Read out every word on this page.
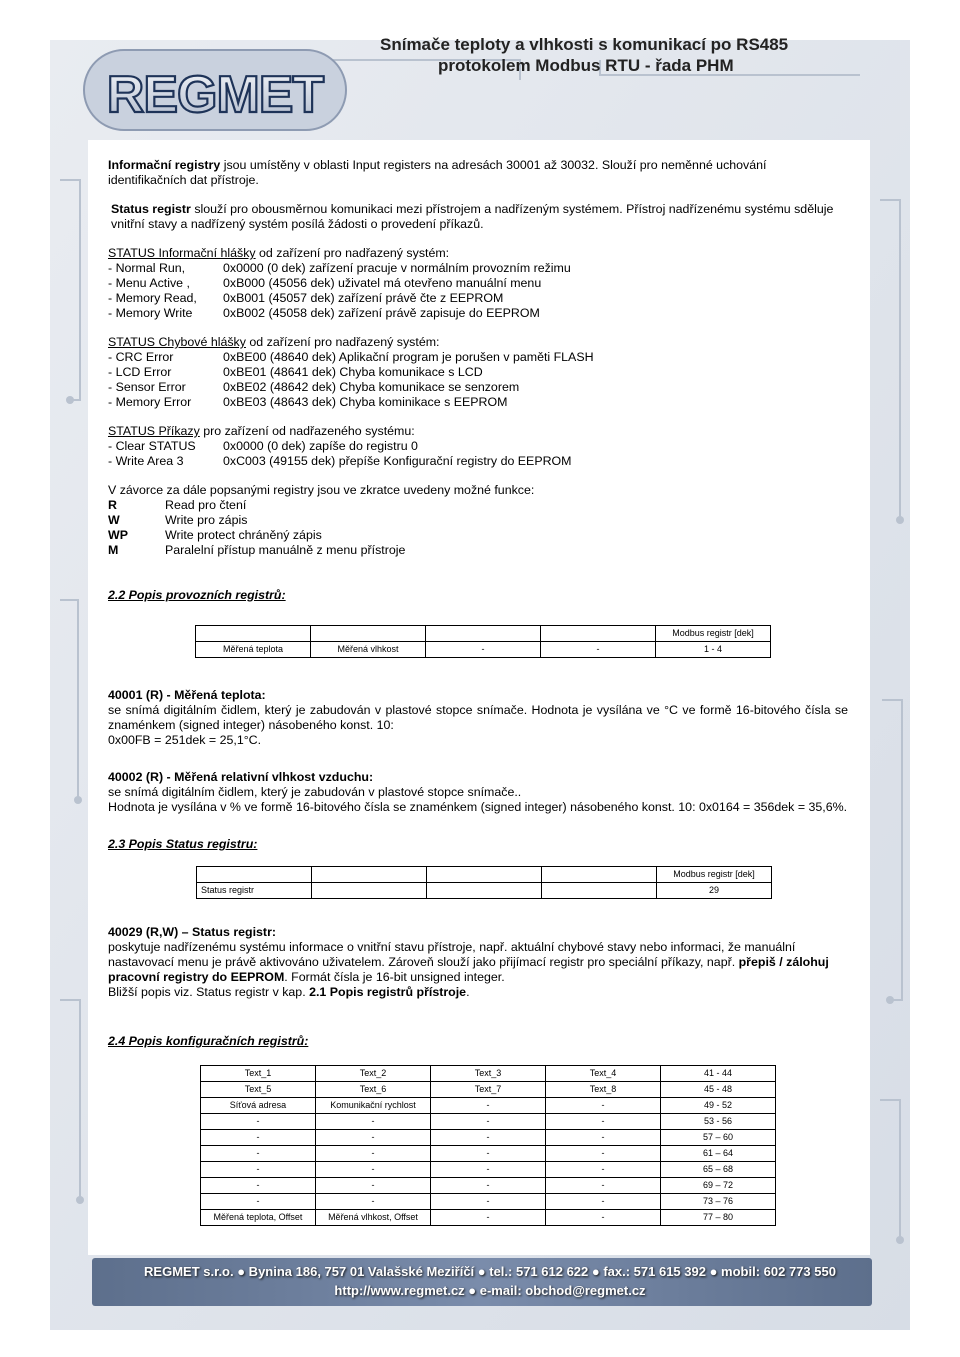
REGMET
Snímače teploty a vlhkosti s komunikací po RS485
protokolem Modbus RTU - řada PHM

Informační registry jsou umístěny v oblasti Input registers na adresách 30001 až 30032. Slouží pro neměnné uchování identifikačních dat přístroje.

Status registr slouží pro obousměrnou komunikaci mezi přístrojem a nadřízeným systémem. Přístroj nadřízenému systému sděluje vnitřní stavy a nadřízený systém posílá žádosti o provedení příkazů.

STATUS Informační hlášky od zařízení pro nadřazený systém:

- Normal Run,	0x0000 (0 dek) zařízení pracuje v normálním provozním režimu
- Menu Active ,	0xB000 (45056 dek) uživatel má otevřeno manuální menu
- Memory Read,	0xB001 (45057 dek) zařízení právě čte z EEPROM
- Memory Write	0xB002 (45058 dek) zařízení právě zapisuje do EEPROM

STATUS Chybové hlášky od zařízení pro nadřazený systém:

- CRC Error	0xBE00 (48640 dek) Aplikační program je porušen v paměti FLASH
- LCD Error	0xBE01 (48641 dek) Chyba komunikace s LCD
- Sensor Error	0xBE02 (48642 dek) Chyba komunikace se senzorem
- Memory Error	0xBE03 (48643 dek) Chyba kominikace s EEPROM

STATUS Příkazy pro zařízení od nadřazeného systému:

- Clear STATUS	0x0000 (0 dek) zapíše do registru 0
- Write Area 3	0xC003 (49155 dek) přepíše Konfigurační registry do EEPROM

V závorce za dále popsanými registry jsou ve zkratce uvedeny možné funkce:

R	Read pro čtení
W	Write pro zápis
WP	Write protect chráněný zápis
M	Paralelní přístup manuálně z menu přístroje

2.2 Popis provozních registrů:

				Modbus registr [dek]
Měřená teplota	Měřená vlhkost	-	-	1 - 4

40001 (R) - Měřená teplota:

se snímá digitálním čidlem, který je zabudován v plastové stopce snímače. Hodnota je vysílána ve °C ve formě 16-bitového čísla se znaménkem (signed integer) násobeného konst. 10:

0x00FB = 251dek = 25,1°C.

40002 (R) - Měřená relativní vlhkost vzduchu:

se snímá digitálním čidlem, který je zabudován v plastové stopce snímače..

Hodnota je vysílána v % ve formě 16-bitového čísla se znaménkem (signed integer) násobeného konst. 10: 0x0164 = 356dek = 35,6%.

2.3 Popis Status registru:

				Modbus registr [dek]
Status registr				29

40029 (R,W) – Status registr:

poskytuje nadřízenému systému informace o vnitřní stavu přístroje, např. aktuální chybové stavy nebo informaci, že manuální nastavovací menu je právě aktivováno uživatelem. Zároveň slouží jako přijímací registr pro speciální příkazy, např. přepiš / zálohuj pracovní registry do EEPROM. Formát čísla je 16-bit unsigned integer.

Bližší popis viz. Status registr v kap. 2.1 Popis registrů přístroje.

2.4 Popis konfiguračních registrů:

Text_1	Text_2	Text_3	Text_4	41 - 44
Text_5	Text_6	Text_7	Text_8	45 - 48
Síťová adresa	Komunikační rychlost	-	-	49 - 52
-	-	-	-	53 - 56
-	-	-	-	57 – 60
-	-	-	-	61 – 64
-	-	-	-	65 – 68
-	-	-	-	69 – 72
-	-	-	-	73 – 76
Měřená teplota, Offset	Měřená vlhkost, Offset	-	-	77 – 80
REGMET s.r.o. ● Bynina 186, 757 01 Valašské Meziříčí ● tel.: 571 612 622 ● fax.: 571 615 392 ● mobil: 602 773 550
http://www.regmet.cz ● e-mail: obchod@regmet.cz
